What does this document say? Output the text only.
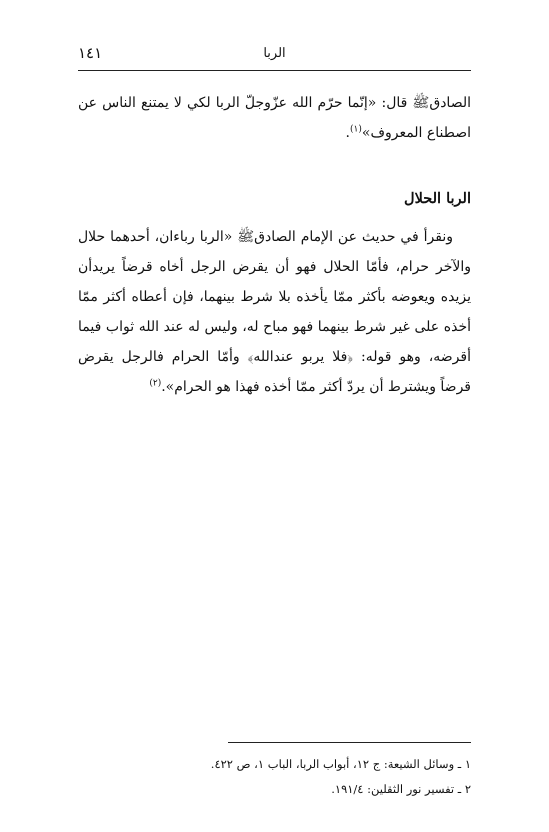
الربا
١٤١

الصادقﷺ قال: «إنّما حرّم الله عزّوجلّ الربا لكي لا يمتنع الناس عن اصطناع المعروف»$^{(١)}$.

الربا الحلال

ونقرأ في حديث عن الإمام الصادقﷺ «الربا رباءان، أحدهما حلال والآخر حرام، فأمّا الحلال فهو أن يقرض الرجل أخاه قرضاً يريدأن يزيده ويعوضه بأكثر ممّا يأخذه بلا شرط بينهما، فإن أعطاه أكثر ممّا أخذه على غير شرط بينهما فهو مباح له، وليس له عند الله ثواب فيما أقرضه، وهو قوله: ﴿فلا يربو عندالله﴾ وأمّا الحرام فالرجل يقرض قرضاً ويشترط أن يردّ أكثر ممّا أخذه فهذا هو الحرام».$^{(٢)}$

١ ـ وسائل الشيعة: ج ١٢، أبواب الربا، الباب ١، ص ٤٢٢.

٢ ـ تفسير نور الثقلين: ١٩١/٤.
